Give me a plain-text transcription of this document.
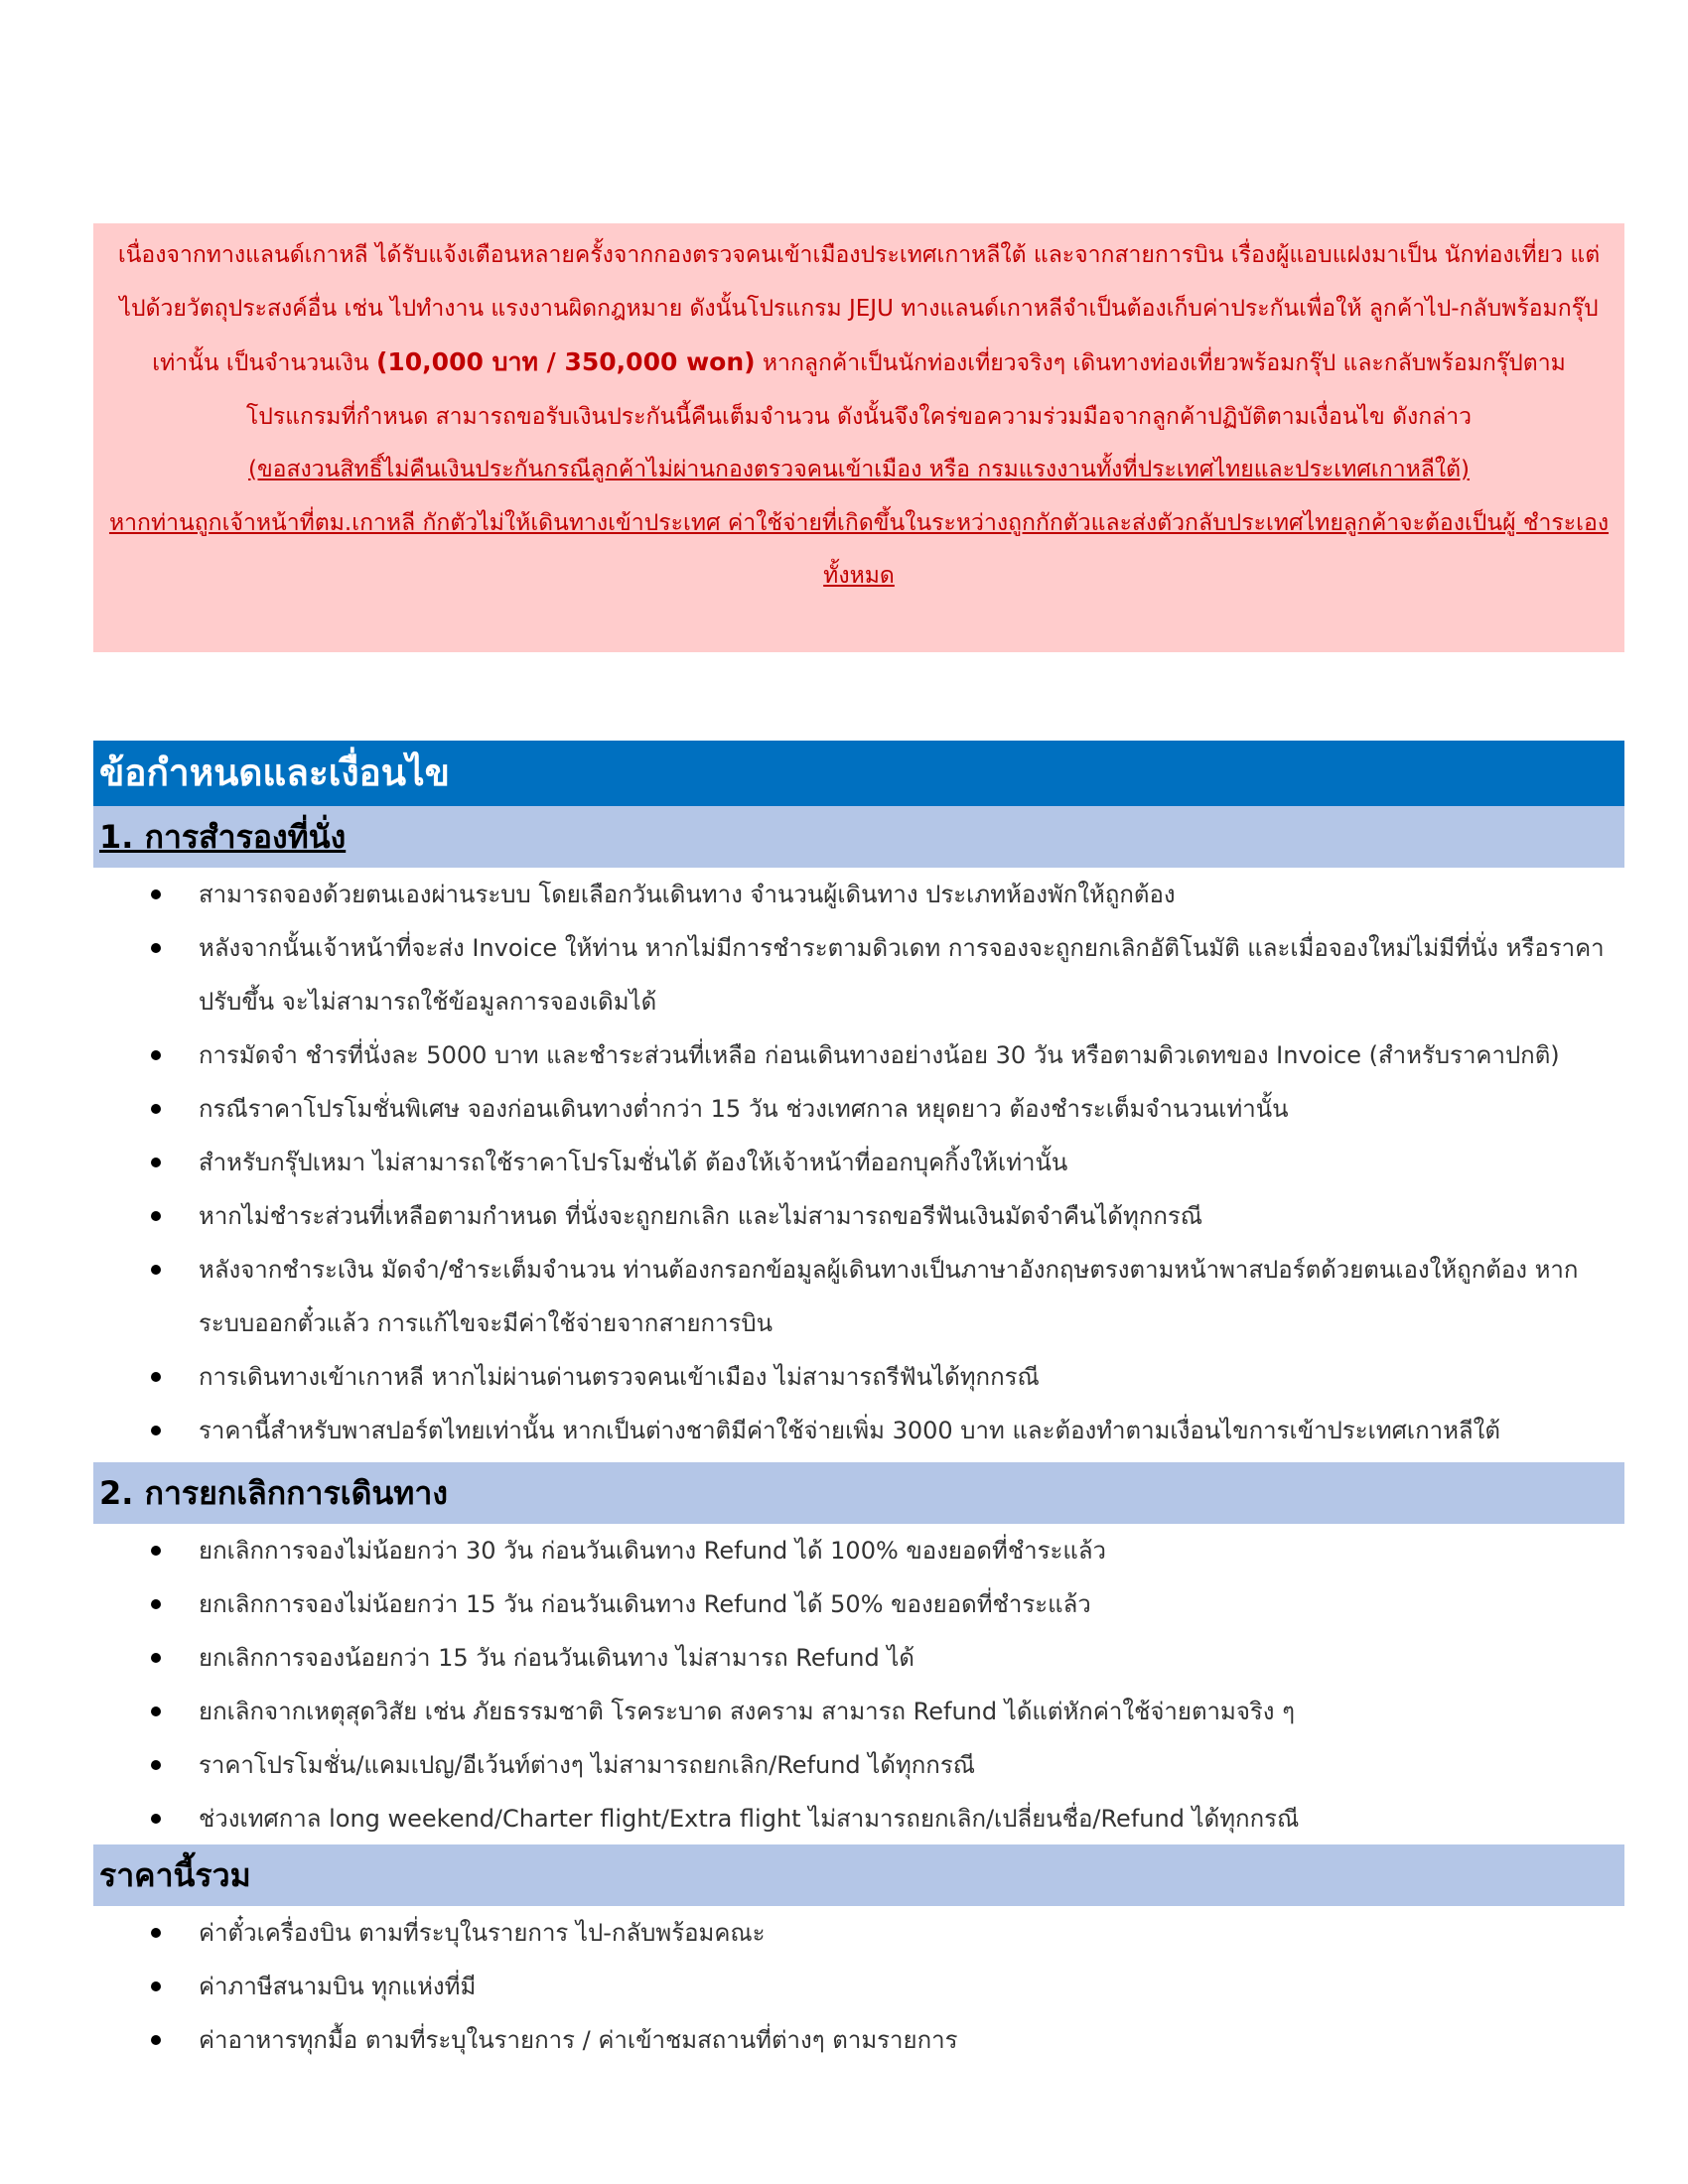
เนื่องจากทางแลนด์เกาหลี ได้รับแจ้งเตือนหลายครั้งจากกองตรวจคนเข้าเมืองประเทศเกาหลีใต้ และจากสายการบิน เรื่องผู้แอบแฝงมาเป็น นักท่องเที่ยว แต่ไปด้วยวัตถุประสงค์อื่น เช่น ไปทำงาน แรงงานผิดกฎหมาย ดังนั้นโปรแกรม JEJU ทางแลนด์เกาหลีจำเป็นต้องเก็บค่าประกันเพื่อให้ ลูกค้าไป-กลับพร้อมกรุ๊ปเท่านั้น เป็นจำนวนเงิน (10,000 บาท / 350,000 won) หากลูกค้าเป็นนักท่องเที่ยวจริงๆ เดินทางท่องเที่ยวพร้อมกรุ๊ป และกลับพร้อมกรุ๊ปตามโปรแกรมที่กำหนด สามารถขอรับเงินประกันนี้คืนเต็มจำนวน ดังนั้นจึงใคร่ขอความร่วมมือจากลูกค้าปฏิบัติตามเงื่อนไข ดังกล่าว

(ขอสงวนสิทธิ์ไม่คืนเงินประกันกรณีลูกค้าไม่ผ่านกองตรวจคนเข้าเมือง หรือ กรมแรงงานทั้งที่ประเทศไทยและประเทศเกาหลีใต้)

หากท่านถูกเจ้าหน้าที่ตม.เกาหลี กักตัวไม่ให้เดินทางเข้าประเทศ ค่าใช้จ่ายที่เกิดขึ้นในระหว่างถูกกักตัวและส่งตัวกลับประเทศไทยลูกค้าจะต้องเป็นผู้ ชำระเองทั้งหมด

ข้อกำหนดและเงื่อนไข
1. การสำรองที่นั่ง
สามารถจองด้วยตนเองผ่านระบบ โดยเลือกวันเดินทาง จำนวนผู้เดินทาง ประเภทห้องพักให้ถูกต้อง
หลังจากนั้นเจ้าหน้าที่จะส่ง Invoice ให้ท่าน หากไม่มีการชำระตามดิวเดท การจองจะถูกยกเลิกอัติโนมัติ และเมื่อจองใหม่ไม่มีที่นั่ง หรือราคาปรับขึ้น จะไม่สามารถใช้ข้อมูลการจองเดิมได้
การมัดจำ ชำรที่นั่งละ 5000 บาท และชำระส่วนที่เหลือ ก่อนเดินทางอย่างน้อย 30 วัน หรือตามดิวเดทของ Invoice (สำหรับราคาปกติ)
กรณีราคาโปรโมชั่นพิเศษ จองก่อนเดินทางต่ำกว่า 15 วัน ช่วงเทศกาล หยุดยาว ต้องชำระเต็มจำนวนเท่านั้น
สำหรับกรุ๊ปเหมา ไม่สามารถใช้ราคาโปรโมชั่นได้ ต้องให้เจ้าหน้าที่ออกบุคกิ้งให้เท่านั้น
หากไม่ชำระส่วนที่เหลือตามกำหนด ที่นั่งจะถูกยกเลิก และไม่สามารถขอรีฟันเงินมัดจำคืนได้ทุกกรณี
หลังจากชำระเงิน มัดจำ/ชำระเต็มจำนวน ท่านต้องกรอกข้อมูลผู้เดินทางเป็นภาษาอังกฤษตรงตามหน้าพาสปอร์ตด้วยตนเองให้ถูกต้อง หากระบบออกตั๋วแล้ว การแก้ไขจะมีค่าใช้จ่ายจากสายการบิน
การเดินทางเข้าเกาหลี หากไม่ผ่านด่านตรวจคนเข้าเมือง ไม่สามารถรีฟันได้ทุกกรณี
ราคานี้สำหรับพาสปอร์ตไทยเท่านั้น หากเป็นต่างชาติมีค่าใช้จ่ายเพิ่ม 3000 บาท และต้องทำตามเงื่อนไขการเข้าประเทศเกาหลีใต้
2. การยกเลิกการเดินทาง
ยกเลิกการจองไม่น้อยกว่า 30 วัน ก่อนวันเดินทาง Refund ได้ 100% ของยอดที่ชำระแล้ว
ยกเลิกการจองไม่น้อยกว่า 15 วัน ก่อนวันเดินทาง Refund ได้ 50% ของยอดที่ชำระแล้ว
ยกเลิกการจองน้อยกว่า 15 วัน ก่อนวันเดินทาง ไม่สามารถ Refund ได้
ยกเลิกจากเหตุสุดวิสัย เช่น ภัยธรรมชาติ โรคระบาด สงคราม สามารถ Refund ได้แต่หักค่าใช้จ่ายตามจริง ๆ
ราคาโปรโมชั่น/แคมเปญ/อีเว้นท์ต่างๆ ไม่สามารถยกเลิก/Refund ได้ทุกกรณี
ช่วงเทศกาล long weekend/Charter flight/Extra flight ไม่สามารถยกเลิก/เปลี่ยนชื่อ/Refund ได้ทุกกรณี
ราคานี้รวม
ค่าตั๋วเครื่องบิน ตามที่ระบุในรายการ ไป-กลับพร้อมคณะ
ค่าภาษีสนามบิน ทุกแห่งที่มี
ค่าอาหารทุกมื้อ ตามที่ระบุในรายการ / ค่าเข้าชมสถานที่ต่างๆ ตามรายการ
